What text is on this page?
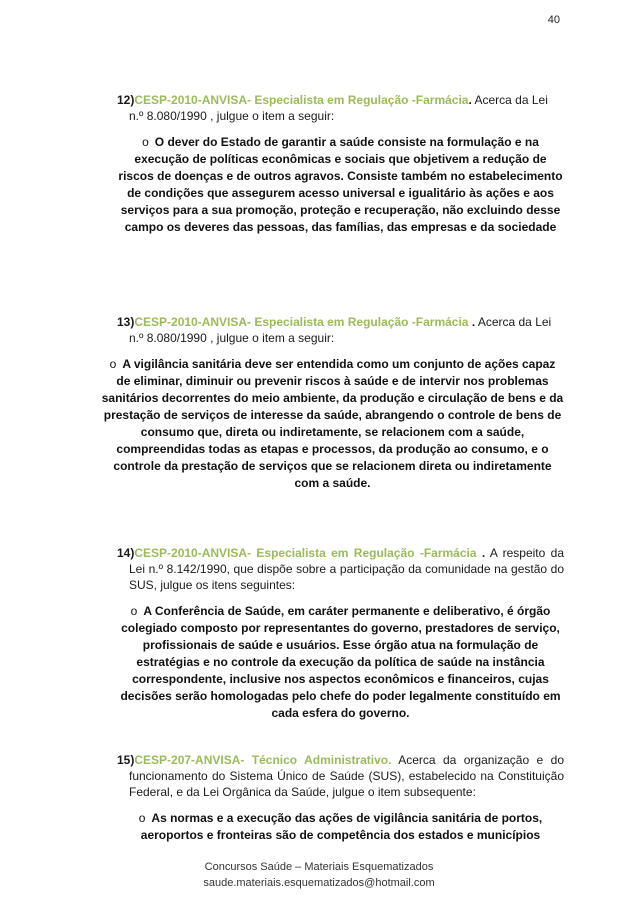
40
12)CESP-2010-ANVISA- Especialista em Regulação -Farmácia. Acerca da Lei n.º 8.080/1990 , julgue o item a seguir:
o O dever do Estado de garantir a saúde consiste na formulação e na execução de políticas econômicas e sociais que objetivem a redução de riscos de doenças e de outros agravos. Consiste também no estabelecimento de condições que assegurem acesso universal e igualitário às ações e aos serviços para a sua promoção, proteção e recuperação, não excluindo desse campo os deveres das pessoas, das famílias, das empresas e da sociedade
13)CESP-2010-ANVISA- Especialista em Regulação -Farmácia . Acerca da Lei n.º 8.080/1990 , julgue o item a seguir:
o A vigilância sanitária deve ser entendida como um conjunto de ações capaz de eliminar, diminuir ou prevenir riscos à saúde e de intervir nos problemas sanitários decorrentes do meio ambiente, da produção e circulação de bens e da prestação de serviços de interesse da saúde, abrangendo o controle de bens de consumo que, direta ou indiretamente, se relacionem com a saúde, compreendidas todas as etapas e processos, da produção ao consumo, e o controle da prestação de serviços que se relacionem direta ou indiretamente com a saúde.
14)CESP-2010-ANVISA- Especialista em Regulação -Farmácia . A respeito da Lei n.º 8.142/1990, que dispõe sobre a participação da comunidade na gestão do SUS, julgue os itens seguintes:
o A Conferência de Saúde, em caráter permanente e deliberativo, é órgão colegiado composto por representantes do governo, prestadores de serviço, profissionais de saúde e usuários. Esse órgão atua na formulação de estratégias e no controle da execução da política de saúde na instância correspondente, inclusive nos aspectos econômicos e financeiros, cujas decisões serão homologadas pelo chefe do poder legalmente constituído em cada esfera do governo.
15)CESP-207-ANVISA- Técnico Administrativo. Acerca da organização e do funcionamento do Sistema Único de Saúde (SUS), estabelecido na Constituição Federal, e da Lei Orgânica da Saúde, julgue o item subsequente:
o As normas e a execução das ações de vigilância sanitária de portos, aeroportos e fronteiras são de competência dos estados e municípios
Concursos Saúde – Materiais Esquematizados
saude.materiais.esquematizados@hotmail.com
